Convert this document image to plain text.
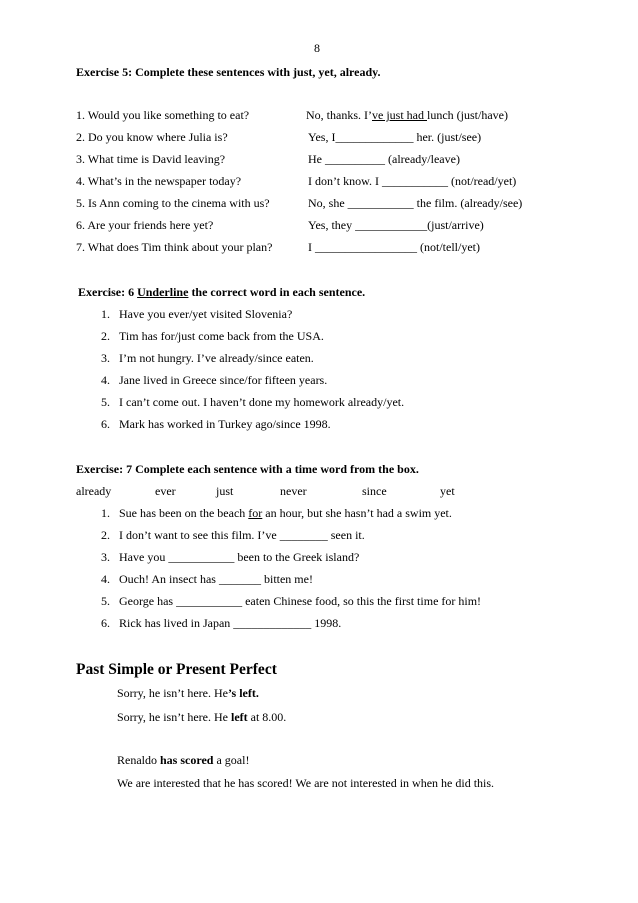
8
Exercise 5: Complete these sentences with just, yet, already.
1. Would you like something to eat?	No, thanks. I’ve just had lunch (just/have)
2. Do you know where Julia is?	Yes, I_____________ her. (just/see)
3. What time is David leaving?	He __________ (already/leave)
4. What’s in the newspaper today?	I don’t know. I ___________ (not/read/yet)
5. Is Ann coming to the cinema with us?	No, she ___________ the film. (already/see)
6. Are your friends here yet?	Yes, they ____________(just/arrive)
7. What does Tim think about your plan?	I _________________ (not/tell/yet)
Exercise: 6 Underline the correct word in each sentence.
1. Have you ever/yet visited Slovenia?
2. Tim has for/just come back from the USA.
3. I’m not hungry. I’ve already/since eaten.
4. Jane lived in Greece since/for fifteen years.
5. I can’t come out. I haven’t done my homework already/yet.
6. Mark has worked in Turkey ago/since 1998.
Exercise: 7 Complete each sentence with a time word from the box.
already	ever	just	never	since	yet
1. Sue has been on the beach for an hour, but she hasn’t had a swim yet.
2. I don’t want to see this film. I’ve ________ seen it.
3. Have you ___________ been to the Greek island?
4. Ouch! An insect has _______ bitten me!
5. George has ___________ eaten Chinese food, so this the first time for him!
6. Rick has lived in Japan _____________ 1998.
Past Simple or Present Perfect
Sorry, he isn’t here. He’s left.
Sorry, he isn’t here. He left at 8.00.
Renaldo has scored a goal!
We are interested that he has scored! We are not interested in when he did this.
